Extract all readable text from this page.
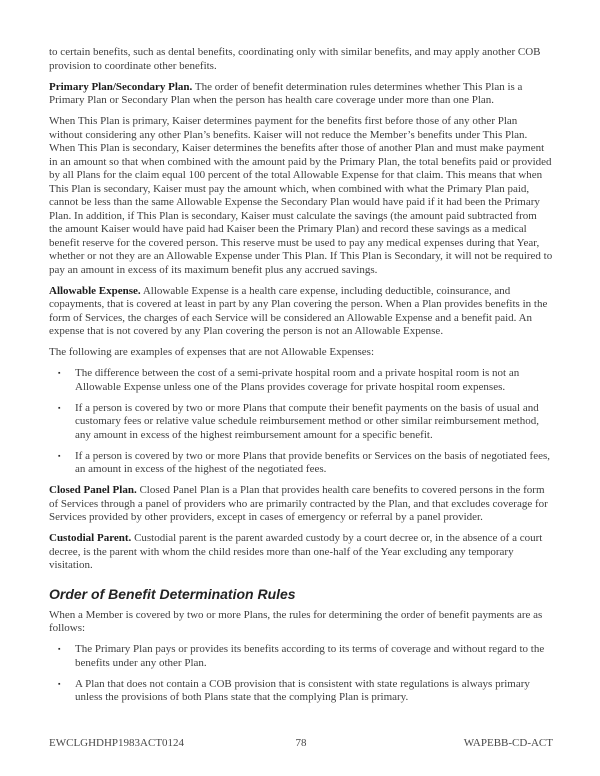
to certain benefits, such as dental benefits, coordinating only with similar benefits, and may apply another COB provision to coordinate other benefits.

Primary Plan/Secondary Plan. The order of benefit determination rules determines whether This Plan is a Primary Plan or Secondary Plan when the person has health care coverage under more than one Plan.

When This Plan is primary, Kaiser determines payment for the benefits first before those of any other Plan without considering any other Plan’s benefits. Kaiser will not reduce the Member’s benefits under This Plan. When This Plan is secondary, Kaiser determines the benefits after those of another Plan and must make payment in an amount so that when combined with the amount paid by the Primary Plan, the total benefits paid or provided by all Plans for the claim equal 100 percent of the total Allowable Expense for that claim. This means that when This Plan is secondary, Kaiser must pay the amount which, when combined with what the Primary Plan paid, cannot be less than the same Allowable Expense the Secondary Plan would have paid if it had been the Primary Plan. In addition, if This Plan is secondary, Kaiser must calculate the savings (the amount paid subtracted from the amount Kaiser would have paid had Kaiser been the Primary Plan) and record these savings as a medical benefit reserve for the covered person. This reserve must be used to pay any medical expenses during that Year, whether or not they are an Allowable Expense under This Plan. If This Plan is Secondary, it will not be required to pay an amount in excess of its maximum benefit plus any accrued savings.

Allowable Expense. Allowable Expense is a health care expense, including deductible, coinsurance, and copayments, that is covered at least in part by any Plan covering the person. When a Plan provides benefits in the form of Services, the charges of each Service will be considered an Allowable Expense and a benefit paid. An expense that is not covered by any Plan covering the person is not an Allowable Expense.

The following are examples of expenses that are not Allowable Expenses:

▪ The difference between the cost of a semi-private hospital room and a private hospital room is not an Allowable Expense unless one of the Plans provides coverage for private hospital room expenses.
▪ If a person is covered by two or more Plans that compute their benefit payments on the basis of usual and customary fees or relative value schedule reimbursement method or other similar reimbursement method, any amount in excess of the highest reimbursement amount for a specific benefit.
▪ If a person is covered by two or more Plans that provide benefits or Services on the basis of negotiated fees, an amount in excess of the highest of the negotiated fees.

Closed Panel Plan. Closed Panel Plan is a Plan that provides health care benefits to covered persons in the form of Services through a panel of providers who are primarily contracted by the Plan, and that excludes coverage for Services provided by other providers, except in cases of emergency or referral by a panel provider.

Custodial Parent. Custodial parent is the parent awarded custody by a court decree or, in the absence of a court decree, is the parent with whom the child resides more than one-half of the Year excluding any temporary visitation.

Order of Benefit Determination Rules

When a Member is covered by two or more Plans, the rules for determining the order of benefit payments are as follows:

▪ The Primary Plan pays or provides its benefits according to its terms of coverage and without regard to the benefits under any other Plan.
▪ A Plan that does not contain a COB provision that is consistent with state regulations is always primary unless the provisions of both Plans state that the complying Plan is primary.
EWCLGHDHP1983ACT0124	78	WAPEBB-CD-ACT
